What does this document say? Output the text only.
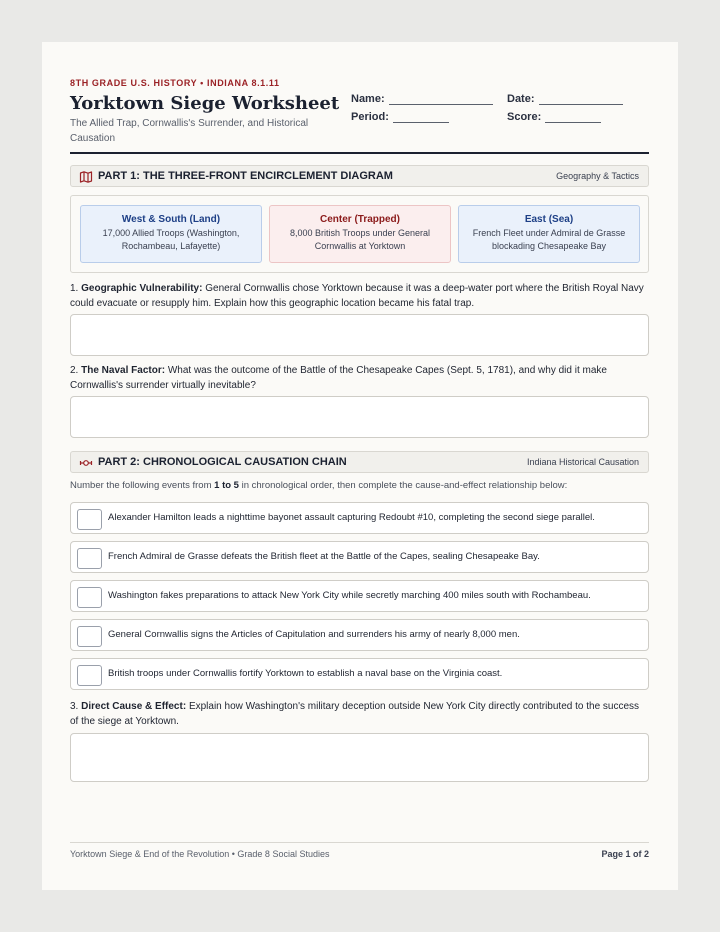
8TH GRADE U.S. HISTORY • INDIANA 8.1.11
Yorktown Siege Worksheet
The Allied Trap, Cornwallis's Surrender, and Historical Causation
Name:	Date:
Period:	Score:
PART 1: THE THREE-FRONT ENCIRCLEMENT DIAGRAM	Geography & Tactics
West & South (Land)
17,000 Allied Troops (Washington, Rochambeau, Lafayette)
Center (Trapped)
8,000 British Troops under General Cornwallis at Yorktown
East (Sea)
French Fleet under Admiral de Grasse blockading Chesapeake Bay
1. Geographic Vulnerability: General Cornwallis chose Yorktown because it was a deep-water port where the British Royal Navy could evacuate or resupply him. Explain how this geographic location became his fatal trap.
2. The Naval Factor: What was the outcome of the Battle of the Chesapeake Capes (Sept. 5, 1781), and why did it make Cornwallis's surrender virtually inevitable?
PART 2: CHRONOLOGICAL CAUSATION CHAIN	Indiana Historical Causation
Number the following events from 1 to 5 in chronological order, then complete the cause-and-effect relationship below:
Alexander Hamilton leads a nighttime bayonet assault capturing Redoubt #10, completing the second siege parallel.
French Admiral de Grasse defeats the British fleet at the Battle of the Capes, sealing Chesapeake Bay.
Washington fakes preparations to attack New York City while secretly marching 400 miles south with Rochambeau.
General Cornwallis signs the Articles of Capitulation and surrenders his army of nearly 8,000 men.
British troops under Cornwallis fortify Yorktown to establish a naval base on the Virginia coast.
3. Direct Cause & Effect: Explain how Washington's military deception outside New York City directly contributed to the success of the siege at Yorktown.
Yorktown Siege & End of the Revolution • Grade 8 Social Studies	Page 1 of 2
